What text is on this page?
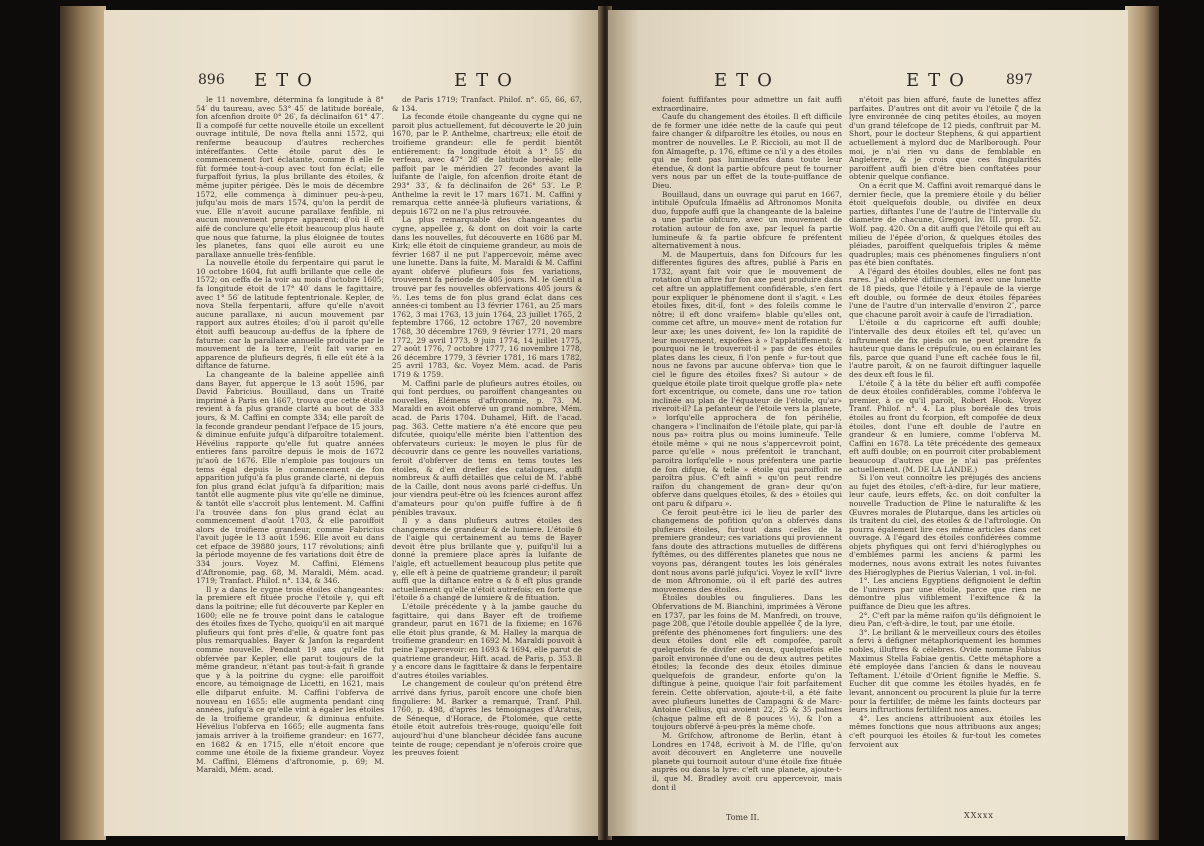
896 ETO	ETO

le 11 novembre, détermina fa longitude à 8° 54′ du taureau, avec 53° 45′ de latitude boréale, fon afcenfion droite 0° 26′, fa déclinaifon 61° 47′. Il a compofé fur cette nouvelle étoile un excellent ouvrage intitulé, De nova ftella anni 1572, qui renferme beaucoup d'autres recherches intéreffantes. Cette étoile parut dès le commencement fort éclatante, comme fi elle fe fût formée tout-à-coup avec tout fon éclat; elle furpaffoit fyrius, la plus brillante des étoiles, & même jupiter périgée. Dès le mois de décembre 1572, elle commença à diminuer peu-à-peu, jufqu'au mois de mars 1574, qu'on la perdit de vue. Elle n'avoit aucune parallaxe fenfible, ni aucun mouvement propre apparent; d'où il eft aifé de conclure qu'elle étoit beaucoup plus haute que nous que faturne, la plus éloignée de toutes les planetes, fans quoi elle auroit eu une parallaxe annuelle très-fenfible.

La nouvelle étoile du ferpentaire qui parut le 10 octobre 1604, fut auffi brillante que celle de 1572; on ceffa de la voir au mois d'octobre 1605; fa longitude étoit de 17° 40′ dans le fagittaire, avec 1° 56′ de latitude feptentrionale. Kepler, de nova Stella ferpentarii, affure qu'elle n'avoit aucune parallaxe, ni aucun mouvement par rapport aux autres étoiles; d'où il paroit qu'elle étoit auffi beaucoup au-deffus de la fphere de faturne: car la parallaxe annuelle produite par le mouvement de la terre, l'eût fait varier en apparence de plufieurs degrés, fi elle eût été à la diftance de faturne.

La changeante de la baleine appellée ainfi dans Bayer, fut apperçue le 13 août 1596, par David Fabricius. Bouillaud, dans un Traité imprimé à Paris en 1667, trouva que cette étoile revient à fa plus grande clarté au bout de 333 jours, & M. Caffini en compte 334; elle paroît de la feconde grandeur pendant l'efpace de 15 jours, & diminue enfuite jufqu'à difparoître totalement. Hévélius rapporte qu'elle fut quatre années entieres fans paroître depuis le mois de 1672 ju'aoû de 1676. Elle n'emploie pas toujours un tems égal depuis le commencement de fon apparition jufqu'à fa plus grande clarté, ni depuis fon plus grand éclat jufqu'à fa difparition; mais tantôt elle augmente plus vite qu'elle ne diminue, & tantôt elle s'accroît plus lentement. M. Caffini l'a trouvée dans fon plus grand éclat au commencement d'août 1703, & elle paroiffoit alors de troifieme grandeur, comme Fabricius l'avoit jugée le 13 août 1596. Elle avoit eu dans cet efpace de 39880 jours, 117 révolutions; ainfi la période moyenne de fes variations doit être de 334 jours. Voyez M. Caffini, Elémens d'Aftronomie, pag. 68, M. Maraldi, Mém. acad. 1719; Tranfact. Philof. n°. 134, & 346.

Il y a dans le cygne trois étoiles changeantes: la premiere eft fituée proche l'étoile γ, qui eft dans la poitrine; elle fut découverte par Kepler en 1600; elle ne fe trouve point dans le catalogue des étoiles fixes de Tycho, quoiqu'il en ait marqué plufieurs qui font près d'elle, & quatre font pas plus remarquables. Bayer & Janfon la regardent comme nouvelle. Pendant 19 ans qu'elle fut obfervée par Kepler, elle parut toujours de la même grandeur, n'étant pas tout-à-fait fi grande que γ à la poitrine du cygne: elle paroiffoit encore, au témoignage de Licetti, en 1621, mais elle difparut enfuite. M. Caffini l'obferva de nouveau en 1655: elle augmenta pendant cinq années, jufqu'à ce qu'elle vint à égaler les étoiles de la troifieme grandeur, & diminua enfuite. Hévélius l'obferva en 1665; elle augmenta fans jamais arriver à la troifieme grandeur: en 1677, en 1682 & en 1715, elle n'étoit encore que comme une étoile de la fixieme grandeur. Voyez M. Caffini, Elémens d'aftronomie, p. 69; M. Maraldi, Mém. acad.

de Paris 1719; Tranfact. Philof. n°. 65, 66, 67, & 134.

La feconde étoile changeante du cygne qui ne paroit plus actuellement, fut découverte le 20 juin 1670, par le P. Anthelme, chartreux; elle étoit de troifieme grandeur: elle fe perdit bientôt entiérement: fa longitude étoit à 1° 55′ du verfeau, avec 47° 28′ de latitude boréale; elle paffoit par le méridien 27 fecondes avant la luifante de l'aigle, fon afcenfion droite étant de 293° 33′, & fa déclinaifon de 26° 53′. Le P. Anthelme la revit le 17 mars 1671. M. Caffini y remarqua cette année-là plufieurs variations, & depuis 1672 on ne l'a plus retrouvée.

La plus remarquable des changeantes du cygne, appellée χ, & dont on doit voir la carte dans les nouvelles, fut découverte en 1686 par M. Kirk; elle étoit de cinquieme grandeur, au mois de février 1687 il ne put l'appercevoir, même avec une lunette. Dans la fuite, M. Maraldi & M. Caffini ayant obfervé plufieurs fois fes variations, trouverent fa période de 405 jours. M. le Gentil a trouvé par fes nouvelles obfervations 405 jours & ⅔. Les tems de fon plus grand éclat dans ces années-ci tombent au 13 février 1761, au 25 mars 1762, 3 mai 1763, 13 juin 1764, 23 juillet 1765, 2 feptembre 1766, 12 octobre 1767, 20 novembre 1768, 30 décembre 1769, 9 février 1771, 20 mars 1772, 29 avril 1773, 9 juin 1774, 14 juillet 1775, 27 août 1776, 7 octobre 1777, 16 novembre 1778, 26 décembre 1779, 3 février 1781, 16 mars 1782, 25 avril 1783, &c. Voyez Mém. acad. de Paris 1719 & 1759.

M. Caffini parle de plufieurs autres étoiles, ou qui font perdues, ou paroiffent changeantes ou nouvelles, Elémens d'aftronomie, p. 73. M. Maraldi en avoit obfervé un grand nombre, Mém. acad. de Paris 1704. Duhamel, Hift. de l'acad. pag. 363. Cette matiere n'a été encore que peu difcutée, quoiqu'elle mérite bien l'attention des obfervateurs curieux: le moyen le plus fûr de découvrir dans ce genre les nouvelles variations, feroit d'obferver de tems en tems toutes les étoiles, & d'en drefler des catalogues, auffi nombreux & auffi détaillés que celui de M. l'abbé de la Caille, dont nous avons parlé ci-deffus. Un jour viendra peut-être où les fciences auront affez d'amateurs pour qu'on puiffe fuffire à de fi pénibles travaux.

Il y a dans plufieurs autres étoiles des changemens de grandeur & de lumiere. L'étoile δ de l'aigle qui certainement au tems de Bayer devoit être plus brillante que γ, puifqu'il lui a donné la premiere place après la luifante de l'aigle, eft actuellement beaucoup plus petite que γ, elle eft à peine de quatrieme grandeur; il paroît auffi que la diftance entre α & δ eft plus grande actuellement qu'elle n'étoit autrefois; en forte que l'étoile δ a changé de lumiere & de fituation.

L'étoile précédente γ à la jambe gauche du fagittaire, qui dans Bayer eft de troifieme grandeur, parut en 1671 de la fixieme; en 1676 elle étoit plus grande, & M. Halley la marqua de troifieme grandeur: en 1692 M. Maraldi pouvoit à peine l'appercevoir: en 1693 & 1694, elle parut de quatrieme grandeur, Hift. acad. de Paris, p. 353. Il y a encore dans le fagittaire & dans le ferpentaire d'autres étoiles variables.

Le changement de couleur qu'on prétend être arrivé dans fyrius, paroît encore une chofe bien finguliere: M. Barker a remarqué, Tranf. Phil. 1760, p. 498, d'après les témoignages d'Aratus, de Séneque, d'Horace, de Ptolomée, que cette étoile étoit autrefois très-rouge, quoiqu'elle foit aujourd'hui d'une blancheur décidée fans aucune teinte de rouge; cependant je n'oferois croire que les preuves foient

ETO	ETO 897

foient fuffifantes pour admettre un fait auffi extraordinaire.

Caufe du changement des étoiles. Il eft difficile de fe former une idée nette de la caufe qui peut faire changer & difparoître les étoiles, ou nous en montrer de nouvelles. Le P. Riccioli, au mot II de fon Almagefte, p. 176, eftime ce n'il y a des étoiles qui ne font pas lumineufes dans toute leur étendue, & dont la partie obfcure peut fe tourner vers nous par un effet de la toute-puiffance de Dieu.

Bouillaud, dans un ouvrage qui parut en 1667, intitulé Opufcula Ifmaëlis ad Aftronomos Monita duo, fuppofe auffi que la changeante de la baleine a une partie obfcure, avec un mouvement de rotation autour de fon axe, par lequel fa partie lumineufe & fa partie obfcure fe préfentent alternativement à nous.

M. de Maupertuis, dans fon Difcours fur les differentes figures des aftres, publié à Paris en 1732, ayant fait voir que le mouvement de rotation d'un aftre fur fon axe peut produire dans cet aftre un applatiffement confidérable, s'en fert pour expliquer le phénomene dont il s'agit. « Les étoiles fixes, dit-il, font » des foleils comme le nôtre; il eft donc vraifem» blable qu'elles ont, comme cet aftre, un mouve» ment de rotation fur leur axe; les unes doivent, fe» lon la rapidité de leur mouvement, expofées à » l'applatiffement; & pourquoi ne le trouveroit-il » pas de ces étoiles plates dans les cieux, fi l'on penfe » fur-tout que nous ne favons par aucune obferva» tion que le ciel le figure des étoiles fixes? Si autour » de quelque étoile plate tiroit quelque groffe pla» nete fort excentrique, ou comete, dans une ro» tation inclinée au plan de l'équateur de l'étoile, qu'ar» riveroit-il? La pefanteur de l'étoile vers la planete, » lorfqu'elle approchera de fon périhélie, changera » l'inclinaifon de l'étoile plate, qui par-là nous pa» roitra plus ou moins lumineufe. Telle étoile même » qui ne nous s'appercevroit point, parce qu'elle » nous préfentoit le tranchant, paroitra lorfqu'elle » nous préfentera une partie de fon difque, & telle » étoile qui paroiffoit ne paroîtra plus. C'eft ainfi » qu'on peut rendre raifon du changement de gran» deur qu'on obferve dans quelques étoiles, & des » étoiles qui ont paru & difparu ».

Ce feroit peut-être ici le lieu de parler des changemens de pofition qu'on a obfervés dans plufieurs étoiles, fur-tout dans celles de la premiere grandeur; ces variations qui proviennent fans doute des attractions mutuelles de différens fyftêmes, ou des différentes planetes que nous ne voyons pas, dérangent toutes les lois générales dont nous avons parlé jufqu'ici. Voyez le xvII° livre de mon Aftronomie, où il eft parlé des autres mouvemens des étoiles.

Étoiles doubles ou fingulieres. Dans les Obfervations de M. Bianchini, imprimées à Vérone en 1737, par les foins de M. Manfredi, on trouve, page 208, que l'étoile double appellée ζ de la lyre, préfente des phénomenes fort finguliers: une des deux étoiles dont elle eft compofée, paroît quelquefois fe divifer en deux, quelquefois elle paroît environnée d'une ou de deux autres petites étoiles; la feconde des deux étoiles diminue quelquefois de grandeur, enforte qu'on la diftingue à peine, quoique l'air foit parfaitement ferein. Cette obfervation, ajoute-t-il, a été faite avec plufieurs lunettes de Campagni & de Marc-Antoine Cellius, qui avoient 22, 25 & 35 palmes (chaque palme eft de 8 pouces ⅓), & l'on a toujours obfervé à-peu-près la même chofe.

M. Grifchow, aftronome de Berlin, étant à Londres en 1748, écrivoit à M. de l'Ifle, qu'on avoit découvert en Angleterre une nouvelle planete qui tournoit autour d'une étoile fixe fituée auprès ou dans la lyre: c'eft une planete, ajoute-t-il, que M. Bradley avoit cru appercevoir, mais dont il

n'étoit pas bien affuré, faute de lunettes affez parfaites. D'autres ont dit avoir vu l'étoile ζ de la lyre environnée de cinq petites étoiles, au moyen d'un grand télefcope de 12 pieds, conftruit par M. Short, pour le docteur Stephens, & qui appartient actuellement à mylord duc de Marlborough. Pour moi, je n'ai rien vu dans de femblable en Angleterre, & je crois que ces fingularités paroiffent auffi bien d'être bien conftatées pour obtenir quelque confiance.

On a écrit que M. Caffini avoit remarqué dans le dernier fiecle, que la premiere étoile γ du bélier étoit quelquefois double, ou divifée en deux parties, diftantes l'une de l'autre de l'intervalle du diametre de chacune, Gregori, liv. III. prop. 52. Wolf. pag. 420. On a dit auffi que l'étoile qui eft au milieu de l'épée d'orion, & quelques étoiles des pléiades, paroiffent quelquefois triples & même quadruples; mais ces phénomenes finguliers n'ont pas été bien conftatés.

A l'égard des étoiles doubles, elles ne font pas rares. J'ai obfervé diftinctement avec une lunette de 18 pieds, que l'étoile γ à l'épaule de la vierge eft double, ou formée de deux étoiles féparées l'une de l'autre d'un intervalle d'environ 2″, parce que chacune paroît avoir à caufe de l'irradiation.

L'étoile α du capricorne eft auffi double; l'intervalle des deux étoiles eft tel, qu'avec un inftrument de fix pieds on ne peut prendre fa hauteur que dans le crépufcule, ou en éclairant les fils, parce que quand l'une eft cachée fous le fil, l'autre paroît, & on ne fauroit diftinguer laquelle des deux eft fous le fil.

L'étoile ζ à la tête du bélier eft auffi compofée de deux étoiles confidérables, comme l'obferva le premier, à ce qu'il paroît, Robert Hook. Voyez Tranf. Philof. n°. 4. La plus boréale des trois étoiles au front du fcorpion, eft compofée de deux étoiles, dont l'une eft double de l'autre en grandeur & en lumiere, comme l'obferva M. Caffini en 1678. La tête précédente des gemeaux eft auffi double; on en pourroit citer probablement beaucoup d'autres que je n'ai pas préfentes actuellement. (M. DE LA LANDE.)

Si l'on veut connoître les préjugés des anciens au fujet des étoiles, c'eft-à-dire, fur leur matiere, leur caufe, leurs effets, &c. on doit confulter la nouvelle Traduction de Pline le naturalifte & les Œuvres morales de Plutarque, dans les articles où ils traitent du ciel, des étoiles & de l'aftrologie. On pourra également lire ces même articles dans cet ouvrage. A l'égard des étoiles confidérées comme objets phyfiques qui ont fervi d'hiéroglyphes ou d'emblêmes parmi les anciens & parmi les modernes, nous avons extrait les notes fuivantes des Hiéroglyphes de Pierius Valerian, 1 vol. in-fol.

1°. Les anciens Egyptiens défignoient le deftin de l'univers par une étoile, parce que rien ne démontre plus vifiblement l'exiftence & la puiffance de Dieu que les aftres.

2°. C'eft par la même raifon qu'ils défignoient le dieu Pan, c'eft-à-dire, le tout, par une étoile.

3°. Le brillant & le merveilleux cours des étoiles a fervi à défigner métaphoriquement les hommes nobles, illuftres & célebres. Ovide nomme Fabius Maximus Stella Fabiae gentis. Cette métaphore a été employée dans l'ancien & dans le nouveau Teftament. L'étoile d'Orient fignifie le Meffie. S. Eucher dit que comme les étoiles hyadés, en fe levant, annoncent ou procurent la pluie fur la terre pour la fertilifer, de même les faints docteurs par leurs inftructions fertilifent nos ames.

4°. Les anciens attribuoient aux étoiles les mêmes fonctions que nous attribuons aux anges; c'eft pourquoi les étoiles & fur-tout les cometes fervoient aux

Tome II.	XXxxx
